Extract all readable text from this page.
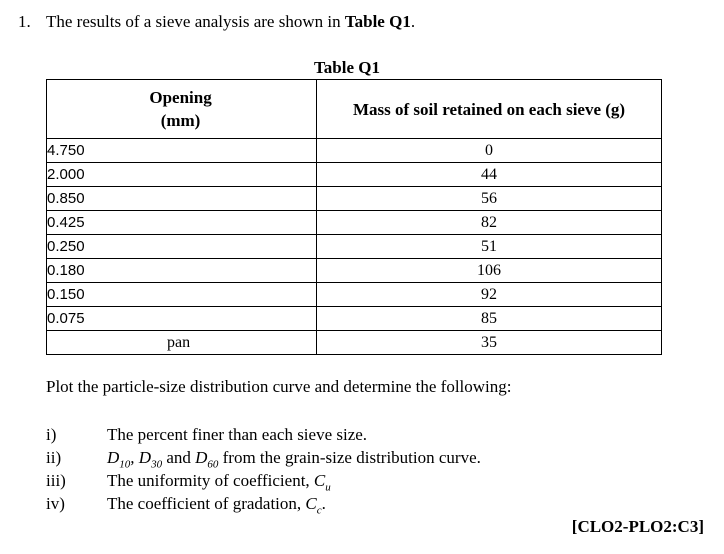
1. The results of a sieve analysis are shown in Table Q1.
Table Q1
Opening
(mm)	Mass of soil retained on each sieve (g)
4.750	0
2.000	44
0.850	56
0.425	82
0.250	51
0.180	106
0.150	92
0.075	85
pan	35
Plot the particle-size distribution curve and determine the following:
i)	The percent finer than each sieve size.
ii)	$D_{10}$, $D_{30}$ and $D_{60}$ from the grain-size distribution curve.
iii) The uniformity of coefficient, $C_u$
iv) The coefficient of gradation, $C_c$.
[CLO2-PLO2:C3]
